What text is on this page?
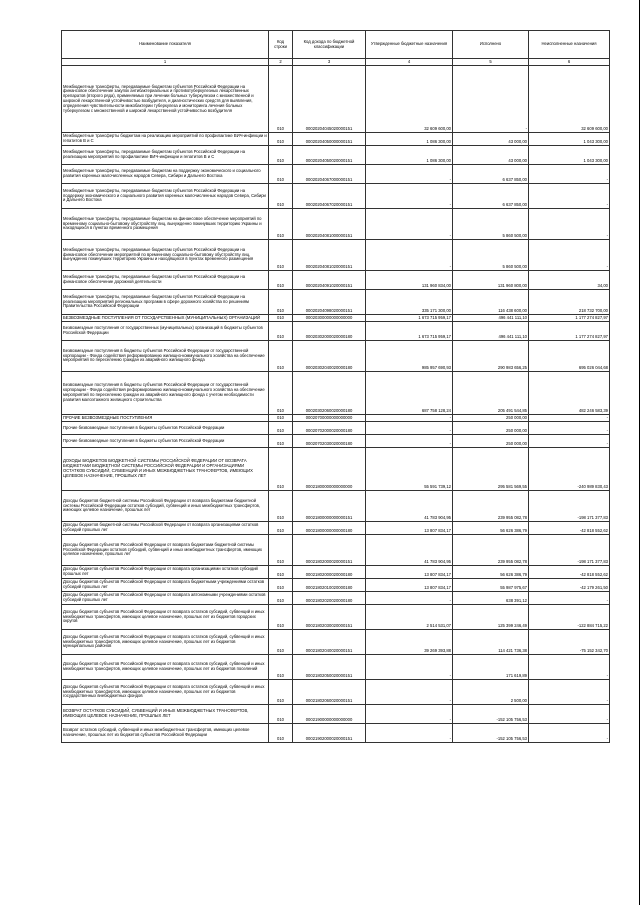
Наименование показателя	Код строки	Код дохода по бюджетной классификации	Утвержденные бюджетные назначения	Исполнено	Неисполненные назначения
1	2	3	4	5	6
Межбюджетные трансферты, передаваемые бюджетам субъектов Российской Федерации на финансовое обеспечение закупок антибактериальных и противотуберкулезных лекарственных препаратов (второго ряда), применяемых при лечении больных туберкулезом с множественной и широкой лекарственной устойчивостью возбудителя, и диагностических средств для выявления, определения чувствительности микобактерии туберкулеза и мониторинга лечения больных туберкулезом с множественной и широкой лекарственной устойчивостью возбудителя	010	00020204045020000151	32 609 600,00	-	32 609 600,00
Межбюджетные трансферты бюджетам на реализацию мероприятий по профилактике ВИЧ-инфекции и гепатитов В и С	010	00020204050000000151	1 086 300,00	43 000,00	1 043 300,00
Межбюджетные трансферты, передаваемые бюджетам субъектов Российской Федерации на реализацию мероприятий по профилактике ВИЧ-инфекции и гепатитов В и С	010	00020204050020000151	1 086 300,00	43 000,00	1 043 300,00
Межбюджетные трансферты, передаваемые бюджетам на поддержку экономического и социального развития коренных малочисленных народов Севера, Сибири и Дальнего Востока	010	00020204067000000151	-	6 637 850,00	-
Межбюджетные трансферты, передаваемые бюджетам субъектов Российской Федерации на поддержку экономического и социального развития коренных малочисленных народов Севера, Сибири и Дальнего Востока	010	00020204067020000151	-	6 637 850,00	-
Межбюджетные трансферты, передаваемые бюджетам на финансовое обеспечение мероприятий по временному социально-бытовому обустройству лиц, вынужденно покинувших территорию Украины и находящихся в пунктах временного размещения	010	00020204081000000151	-	5 860 500,00	-
Межбюджетные трансферты, передаваемые бюджетам субъектов Российской Федерации на финансовое обеспечение мероприятий по временному социально-бытовому обустройству лиц, вынужденно покинувших территорию Украины и находящихся в пунктах временного размещения	010	00020204081020000151	-	5 860 500,00	-
Межбюджетные трансферты, передаваемые бюджетам субъектов Российской Федерации на финансовое обеспечение дорожной деятельности	010	00020204091020000151	131 960 834,00	131 960 800,00	34,00
Межбюджетные трансферты, передаваемые бюджетам субъектов Российской Федерации на реализацию мероприятий региональных программ в сфере дорожного хозяйства по решениям Правительства Российской Федерации	010	00020204098020000151	335 171 300,00	116 438 600,00	218 732 700,00
БЕЗВОЗМЕЗДНЫЕ ПОСТУПЛЕНИЯ ОТ ГОСУДАРСТВЕННЫХ (МУНИЦИПАЛЬНЫХ) ОРГАНИЗАЦИЙ	010	00020300000000000000	1 673 715 959,17	496 441 111,10	1 177 274 827,97
Безвозмездные поступления от государственных (муниципальных) организаций в бюджеты субъектов Российской Федерации	010	00020302000020000180	1 673 715 959,17	496 441 111,10	1 177 274 827,97
Безвозмездные поступления в бюджеты субъектов Российской Федерации от государственной корпорации - Фонда содействия реформированию жилищно-коммунального хозяйства на обеспечение мероприятий по переселению граждан из аварийного жилищного фонда	010	00020302040020000180	985 957 690,93	290 983 656,25	695 026 044,68
Безвозмездные поступления в бюджеты субъектов Российской Федерации от государственной корпорации - Фонда содействия реформированию жилищно-коммунального хозяйства на обеспечение мероприятий по переселению граждан из аварийного жилищного фонда с учетом необходимости развития малоэтажного жилищного строительства	010	00020302060020000180	687 758 128,24	205 491 544,85	482 246 583,39
ПРОЧИЕ БЕЗВОЗМЕЗДНЫЕ ПОСТУПЛЕНИЯ	010	00020700000000000000	-	250 000,00	-
Прочие безвозмездные поступления в бюджеты субъектов Российской Федерации	010	00020702000020000180	-	250 000,00	-
Прочие безвозмездные поступления в бюджеты субъектов Российской Федерации	010	00020702030020000180	-	250 000,00	-
ДОХОДЫ БЮДЖЕТОВ БЮДЖЕТНОЙ СИСТЕМЫ РОССИЙСКОЙ ФЕДЕРАЦИИ ОТ ВОЗВРАТА БЮДЖЕТАМИ БЮДЖЕТНОЙ СИСТЕМЫ РОССИЙСКОЙ ФЕДЕРАЦИИ И ОРГАНИЗАЦИЯМИ ОСТАТКОВ СУБСИДИЙ, СУБВЕНЦИЙ И ИНЫХ МЕЖБЮДЖЕТНЫХ ТРАНСФЕРТОВ, ИМЕЮЩИХ ЦЕЛЕВОЕ НАЗНАЧЕНИЕ, ПРОШЛЫХ ЛЕТ	010	00021800000000000000	55 591 739,12	295 581 569,55	-240 989 830,43
Доходы бюджетов бюджетной системы Российской Федерации от возврата бюджетами бюджетной системы Российской Федерации остатков субсидий, субвенций и иных межбюджетных трансфертов, имеющих целевое назначение, прошлых лет	010	00021800000000000151	41 783 904,95	239 955 082,78	-198 171 377,83
Доходы бюджетов бюджетной системы Российской Федерации от возврата организациями остатков субсидий прошлых лет	010	00021800000000000180	13 807 834,17	56 626 386,79	-42 818 552,62
Доходы бюджетов субъектов Российской Федерации от возврата бюджетами бюджетной системы Российской Федерации остатков субсидий, субвенций и иных межбюджетных трансфертов, имеющих целевое назначение, прошлых лет	010	00021802000020000151	41 783 904,95	239 955 082,78	-198 171 377,83
Доходы бюджетов субъектов Российской Федерации от возврата организациями остатков субсидий прошлых лет	010	00021802000020000180	13 807 834,17	56 626 386,79	-42 818 552,62
Доходы бюджетов субъектов Российской Федерации от возврата бюджетными учреждениями остатков субсидий прошлых лет	010	00021802010020000180	13 807 834,17	55 987 975,67	-42 179 261,50
Доходы бюджетов субъектов Российской Федерации от возврата автономными учреждениями остатков субсидий прошлых лет	010	00021802020020000180	-	638 391,12	-
Доходы бюджетов субъектов Российской Федерации от возврата остатков субсидий, субвенций и иных межбюджетных трансфертов, имеющих целевое назначение, прошлых лет из бюджетов городских округов	010	00021802030020000151	2 514 531,07	125 399 246,49	-122 884 715,22
Доходы бюджетов субъектов Российской Федерации от возврата остатков субсидий, субвенций и иных межбюджетных трансфертов, имеющих целевое назначение, прошлых лет из бюджетов муниципальных районов	010	00021802040020000151	39 269 393,88	114 421 736,38	-75 152 342,70
Доходы бюджетов субъектов Российской Федерации от возврата остатков субсидий, субвенций и иных межбюджетных трансфертов, имеющих целевое назначение, прошлых лет из бюджетов поселений	010	00021802050020000151	-	171 619,89	-
Доходы бюджетов субъектов Российской Федерации от возврата остатков субсидий, субвенций и иных межбюджетных трансфертов, имеющих целевое назначение, прошлых лет из бюджетов государственных внебюджетных фондов	010	00021802060020000151	-	2 500,00	-
ВОЗВРАТ ОСТАТКОВ СУБСИДИЙ, СУБВЕНЦИЙ И ИНЫХ МЕЖБЮДЖЕТНЫХ ТРАНСФЕРТОВ, ИМЕЮЩИХ ЦЕЛЕВОЕ НАЗНАЧЕНИЕ, ПРОШЛЫХ ЛЕТ	010	00021900000000000000	-	-152 105 756,53	-
Возврат остатков субсидий, субвенций и иных межбюджетных трансфертов, имеющих целевое назначение, прошлых лет из бюджетов субъектов Российской Федерации	010	00021902000020000151	-	-152 105 756,53	-
